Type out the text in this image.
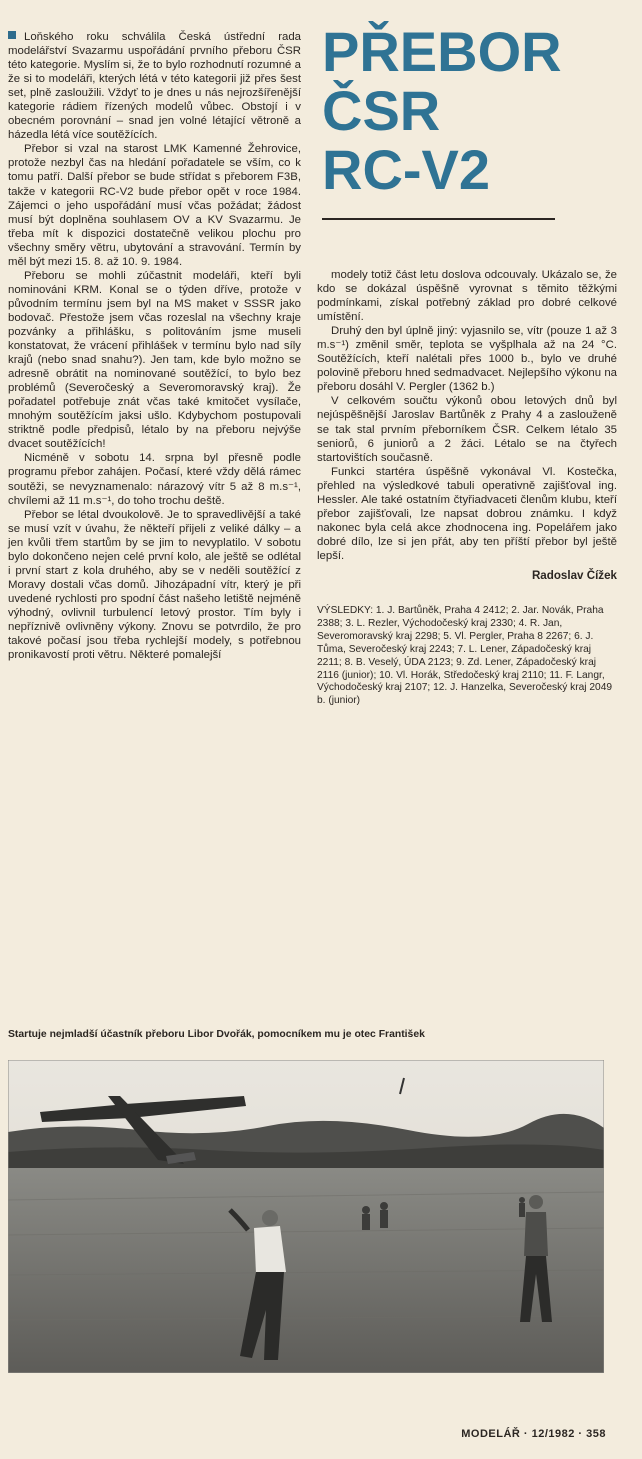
Loňského roku schválila Česká ústřední rada modelářství Svazarmu uspořádání prvního přeboru ČSR této kategorie. Myslím si, že to bylo rozhodnutí rozumné a že si to modeláři, kterých létá v této kategorii již přes šest set, plně zasloužili. Vždyť to je dnes u nás nejrozšířenější kategorie rádiem řízených modelů vůbec. Obstojí i v obecném porovnání – snad jen volné létající větroně a házedla létá více soutěžících.

Přebor si vzal na starost LMK Kamenné Žehrovice, protože nezbyl čas na hledání pořadatele se vším, co k tomu patří. Další přebor se bude střídat s přeborem F3B, takže v kategorii RC-V2 bude přebor opět v roce 1984. Zájemci o jeho uspořádání musí včas požádat; žádost musí být doplněna souhlasem OV a KV Svazarmu. Je třeba mít k dispozici dostatečně velikou plochu pro všechny směry větru, ubytování a stravování. Termín by měl být mezi 15. 8. až 10. 9. 1984.

Přeboru se mohli zúčastnit modeláři, kteří byli nominováni KRM. Konal se o týden dříve, protože v původním termínu jsem byl na MS maket v SSSR jako bodovač. Přestože jsem včas rozeslal na všechny kraje pozvánky a přihlášku, s politováním jsme museli konstatovat, že vrácení přihlášek v termínu bylo nad síly krajů (nebo snad snahu?). Jen tam, kde bylo možno se adresně obrátit na nominované soutěžící, to bylo bez problémů (Severočeský a Severomoravský kraj). Že pořadatel potřebuje znát včas také kmitočet vysílače, mnohým soutěžícím jaksi ušlo. Kdybychom postupovali striktně podle předpisů, létalo by na přeboru nejvýše dvacet soutěžících!

Nicméně v sobotu 14. srpna byl přesně podle programu přebor zahájen. Počasí, které vždy dělá rámec soutěži, se nevyznamenalo: nárazový vítr 5 až 8 m.s⁻¹, chvílemi až 11 m.s⁻¹, do toho trochu deště.

Přebor se létal dvoukolově. Je to spravedlivější a také se musí vzít v úvahu, že někteří přijeli z veliké dálky – a jen kvůli třem startům by se jim to nevyplatilo. V sobotu bylo dokončeno nejen celé první kolo, ale ještě se odlétal i první start z kola druhého, aby se v neděli soutěžící z Moravy dostali včas domů. Jihozápadní vítr, který je při uvedené rychlosti pro spodní část našeho letiště nejméně výhodný, ovlivnil turbulencí letový prostor. Tím byly i nepříznivě ovlivněny výkony. Znovu se potvrdilo, že pro takové počasí jsou třeba rychlejší modely, s potřebnou pronikavostí proti větru. Některé pomalejší

PŘEBOR
ČSR
RC-V2

modely totiž část letu doslova odcouvaly. Ukázalo se, že kdo se dokázal úspěšně vyrovnat s těmito těžkými podmínkami, získal potřebný základ pro dobré celkové umístění.

Druhý den byl úplně jiný: vyjasnilo se, vítr (pouze 1 až 3 m.s⁻¹) změnil směr, teplota se vyšplhala až na 24 °C. Soutěžících, kteří nalétali přes 1000 b., bylo ve druhé polovině přeboru hned sedmadvacet. Nejlepšího výkonu na přeboru dosáhl V. Pergler (1362 b.)

V celkovém součtu výkonů obou letových dnů byl nejúspěšnější Jaroslav Bartůněk z Prahy 4 a zaslouženě se tak stal prvním přeborníkem ČSR. Celkem létalo 35 seniorů, 6 juniorů a 2 žáci. Létalo se na čtyřech startovištích současně.

Funkci startéra úspěšně vykonával Vl. Kostečka, přehled na výsledkové tabuli operativně zajišťoval ing. Hessler. Ale také ostatním čtyřiadvaceti členům klubu, kteří přebor zajišťovali, lze napsat dobrou známku. I když nakonec byla celá akce zhodnocena ing. Popelářem jako dobré dílo, lze si jen přát, aby ten příští přebor byl ještě lepší.

Radoslav Čížek

VÝSLEDKY: 1. J. Bartůněk, Praha 4 2412; 2. Jar. Novák, Praha 2388; 3. L. Rezler, Východočeský kraj 2330; 4. R. Jan, Severomoravský kraj 2298; 5. Vl. Pergler, Praha 8 2267; 6. J. Tůma, Severočeský kraj 2243; 7. L. Lener, Západočeský kraj 2211; 8. B. Veselý, ÚDA 2123; 9. Zd. Lener, Západočeský kraj 2116 (junior); 10. Vl. Horák, Středočeský kraj 2110; 11. F. Langr, Východočeský kraj 2107; 12. J. Hanzelka, Severočeský kraj 2049 b. (junior)

Startuje nejmladší účastník přeboru Libor Dvořák, pomocníkem mu je otec František
MODELÁŘ · 12/1982 · 358
